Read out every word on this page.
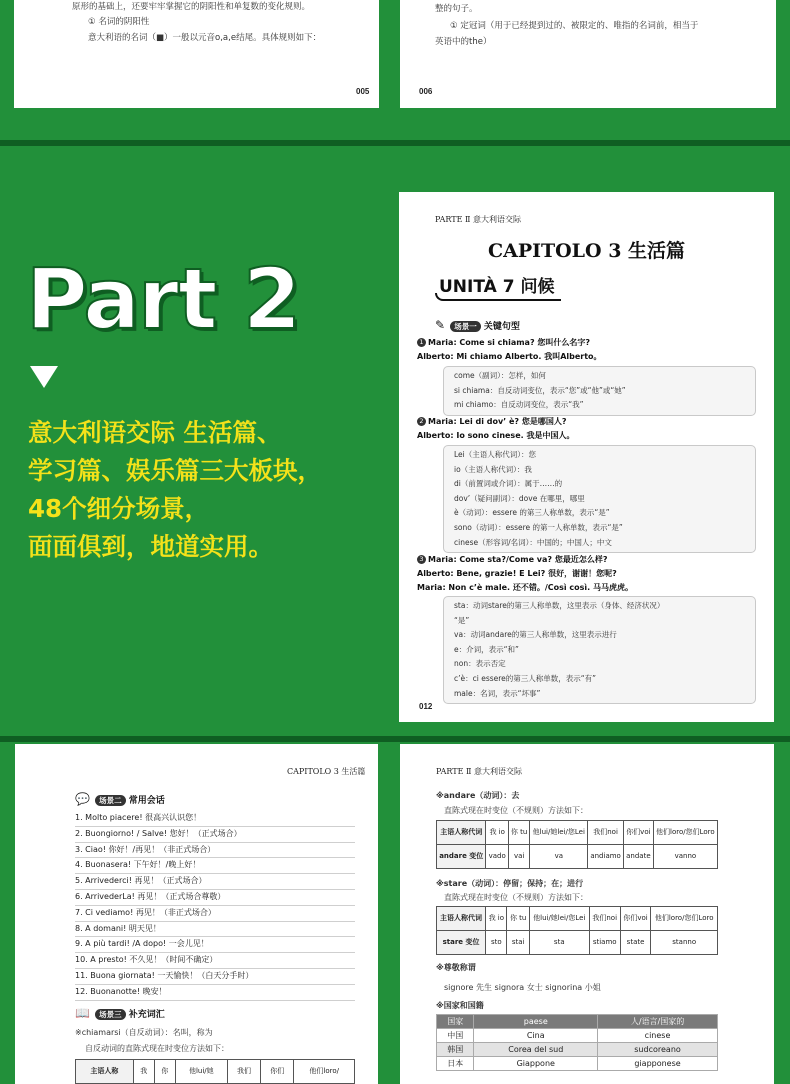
原形的基础上，还要牢牢掌握它的阴阳性和单复数的变化规则。
① 名词的阴阳性
意大利语的名词（■）一般以元音o,a,e结尾。具体规则如下：
005
整的句子。
① 定冠词（用于已经提到过的、被限定的、唯指的名词前，相当于
英语中的the）
006
Part 2
意大利语交际 生活篇、
学习篇、娱乐篇三大板块，
48个细分场景，
面面俱到，地道实用。
PARTE Ⅱ 意大利语交际
CAPITOLO 3 生活篇
UNITÀ 7 问候
✎ 场景一 关键句型
1 Maria: Come si chiama? 您叫什么名字?
Alberto: Mi chiamo Alberto. 我叫Alberto。
come（副词）：怎样，如何
si chiama：自反动词变位，表示“您”或“他”或“她”
mi chiamo：自反动词变位，表示“我”
2 Maria: Lei di dov’ è? 您是哪国人?
Alberto: Io sono cinese. 我是中国人。
Lei（主语人称代词）：您
io（主语人称代词）：我
di（前置词或介词）：属于……的
dov’（疑问副词）：dove 在哪里，哪里
è（动词）：essere 的第三人称单数，表示“是”
sono（动词）：essere 的第一人称单数，表示“是”
cinese（形容词/名词）：中国的；中国人；中文
3 Maria: Come sta?/Come va? 您最近怎么样?
Alberto: Bene, grazie! E Lei? 很好，谢谢！您呢?
Maria: Non c’è male. 还不错。/Così così. 马马虎虎。
sta：动词stare的第三人称单数，这里表示（身体、经济状况）
“是”
va：动词andare的第三人称单数，这里表示进行
e：介词，表示“和”
non：表示否定
c’è：ci essere的第三人称单数，表示“有”
male：名词，表示“坏事”
012
CAPITOLO 3 生活篇
💬 场景二 常用会话
1. Molto piacere! 很高兴认识您！
2. Buongiorno! / Salve! 您好！（正式场合）
3. Ciao! 你好！/再见！（非正式场合）
4. Buonasera! 下午好！/晚上好！
5. Arrivederci! 再见！（正式场合）
6. ArrivederLa! 再见！（正式场合尊敬）
7. Ci vediamo! 再见！（非正式场合）
8. A domani! 明天见！
9. A più tardi! /A dopo! 一会儿见！
10. A presto! 不久见！（时间不确定）
11. Buona giornata! 一天愉快！（白天分手时）
12. Buonanotte! 晚安！
📖 场景三 补充词汇
※chiamarsi（自反动词）：名叫，称为
自反动词的直陈式现在时变位方法如下：
主语人称	我	你	他lui/她	我们	你们	他们loro/
PARTE Ⅱ 意大利语交际
※andare（动词）：去
直陈式现在时变位（不规则）方法如下：
主语人称代词	我 io	你 tu	他lui/她lei/您Lei	我们noi	你们voi	他们loro/您们Loro
andare 变位	vado	vai	va	andiamo	andate	vanno
※stare（动词）：停留；保持；在；进行
直陈式现在时变位（不规则）方法如下：
主语人称代词	我 io	你 tu	他lui/她lei/您Lei	我们noi	你们voi	他们loro/您们Loro
stare 变位	sto	stai	sta	stiamo	state	stanno
※尊敬称谓
signore 先生 signora 女士 signorina 小姐
※国家和国籍
国家	paese	人/语言/国家的
中国	Cina	cinese
韩国	Corea del sud	sudcoreano
日本	Giappone	giapponese
